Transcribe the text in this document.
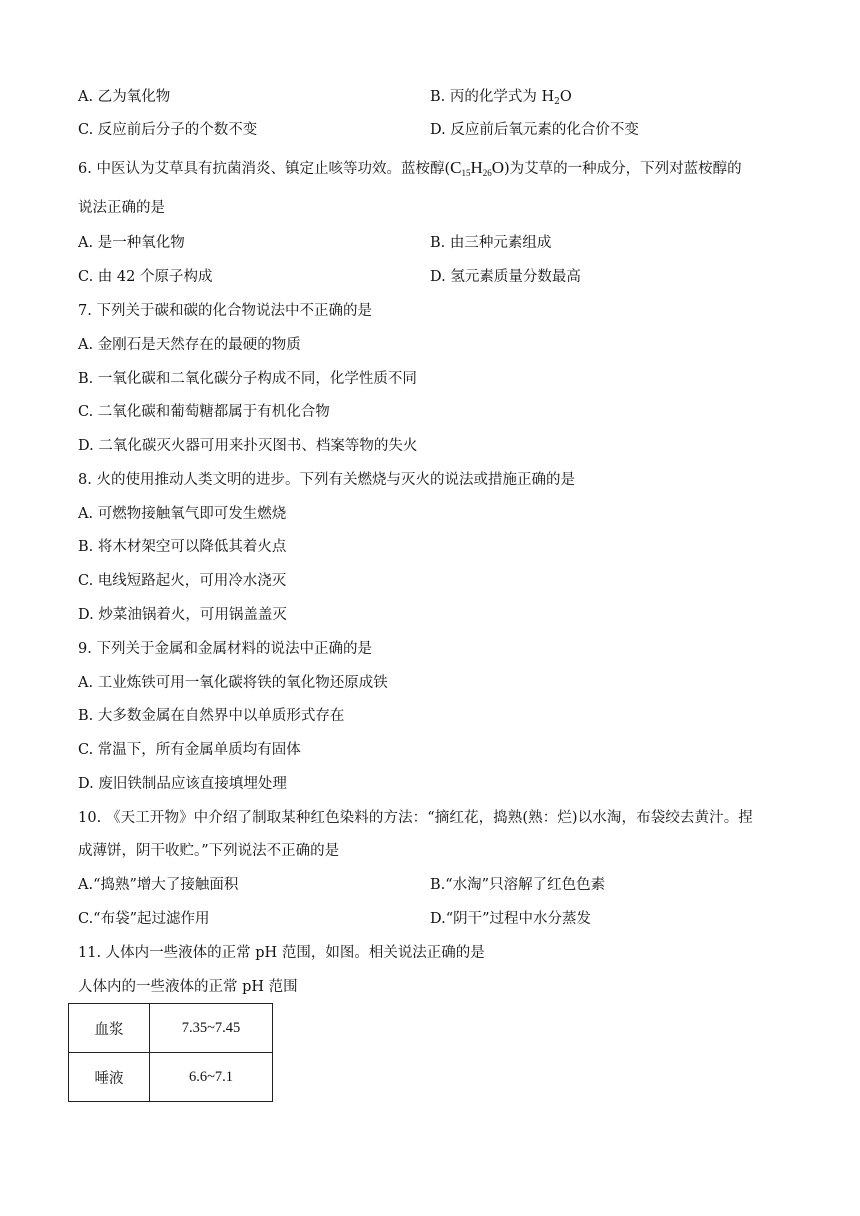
A. 乙为氧化物	B. 丙的化学式为 $H_2O$
C. 反应前后分子的个数不变	D. 反应前后氧元素的化合价不变
6. 中医认为艾草具有抗菌消炎、镇定止咳等功效。蓝桉醇$(C_{15}H_{26}O)$为艾草的一种成分，下列对蓝桉醇的
说法正确的是
A. 是一种氧化物	B. 由三种元素组成
C. 由 42 个原子构成	D. 氢元素质量分数最高
7. 下列关于碳和碳的化合物说法中不正确的是
A. 金刚石是天然存在的最硬的物质
B. 一氧化碳和二氧化碳分子构成不同，化学性质不同
C. 二氧化碳和葡萄糖都属于有机化合物
D. 二氧化碳灭火器可用来扑灭图书、档案等物的失火
8. 火的使用推动人类文明的进步。下列有关燃烧与灭火的说法或措施正确的是
A. 可燃物接触氧气即可发生燃烧
B. 将木材架空可以降低其着火点
C. 电线短路起火，可用冷水浇灭
D. 炒菜油锅着火，可用锅盖盖灭
9. 下列关于金属和金属材料的说法中正确的是
A. 工业炼铁可用一氧化碳将铁的氧化物还原成铁
B. 大多数金属在自然界中以单质形式存在
C. 常温下，所有金属单质均有固体
D. 废旧铁制品应该直接填埋处理
10. 《天工开物》中介绍了制取某种红色染料的方法：“摘红花，捣熟(熟：烂)以水淘，布袋绞去黄汁。捏
成薄饼，阴干收贮。”下列说法不正确的是
A.“捣熟”增大了接触面积	B.“水淘”只溶解了红色色素
C.“布袋”起过滤作用	D.“阴干”过程中水分蒸发
11. 人体内一些液体的正常 pH 范围，如图。相关说法正确的是
人体内的一些液体的正常 pH 范围
血浆	7.35~7.45
唾液	6.6~7.1
